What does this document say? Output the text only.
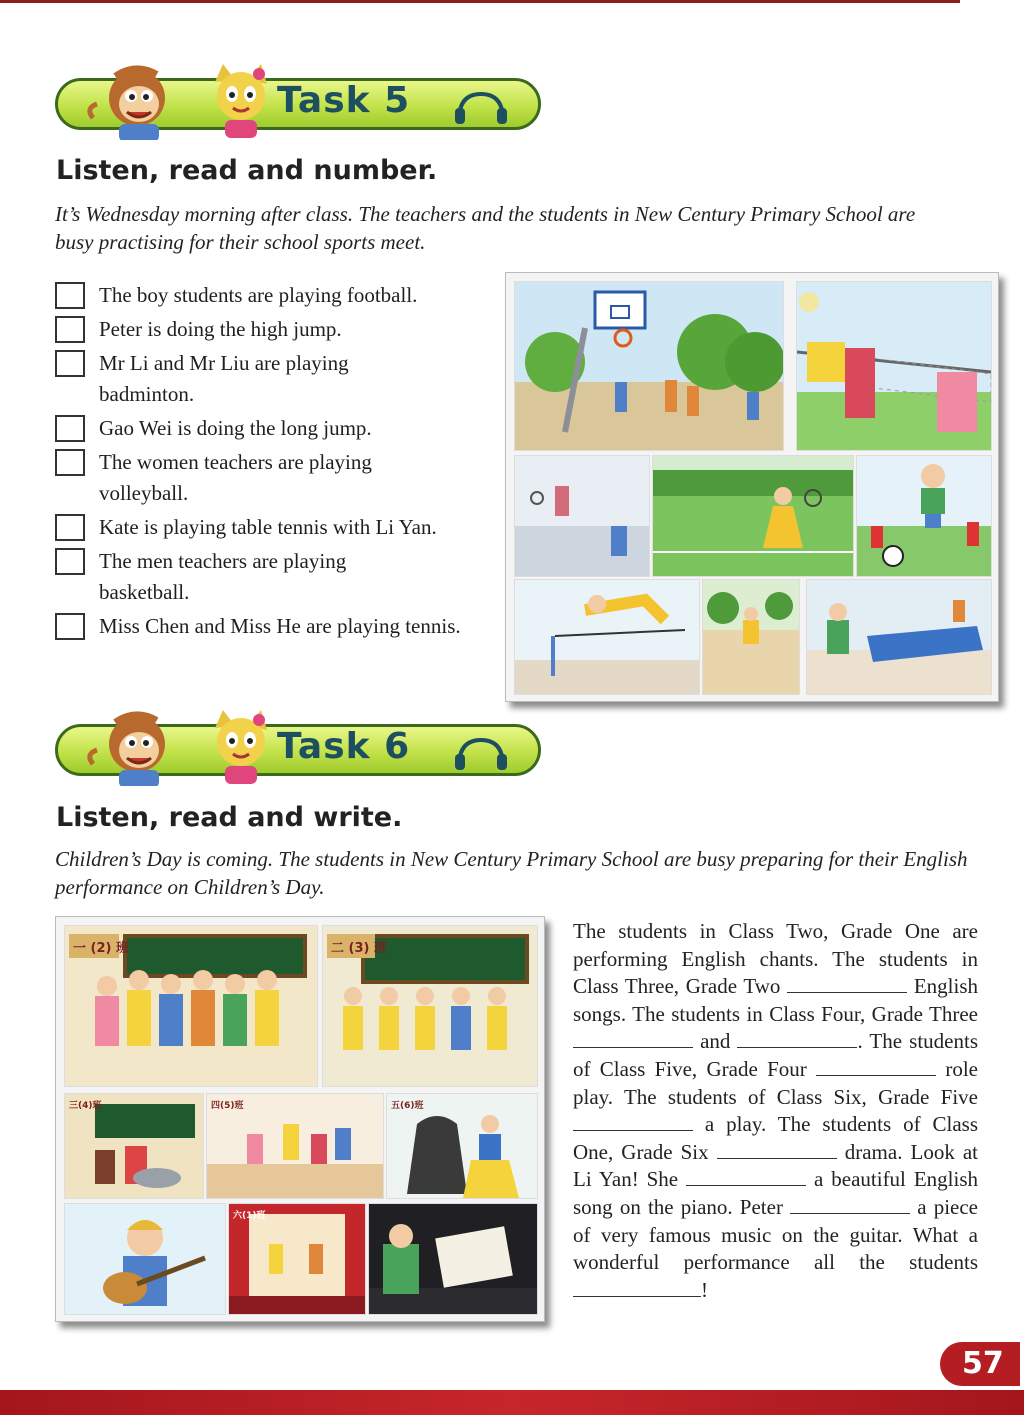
Task 5
Listen, read and number.
It’s Wednesday morning after class. The teachers and the students in New Century Primary School are busy practising for their school sports meet.
The boy students are playing football.
Peter is doing the high jump.
Mr Li and Mr Liu are playing badminton.
Gao Wei is doing the long jump.
The women teachers are playing volleyball.
Kate is playing table tennis with Li Yan.
The men teachers are playing basketball.
Miss Chen and Miss He are playing tennis.
Task 6
Listen, read and write.
Children’s Day is coming. The students in New Century Primary School are busy preparing for their English performance on Children’s Day.
一 (2) 班	二 (3) 班
三(4)班	四(5)班	五(6)班
六(1)班
The students in Class Two, Grade One are performing English chants. The students in Class Three, Grade Two	English songs. The students in Class Four, Grade Three  and	. The students of Class Five, Grade Four	role play. The students of Class Six, Grade Five  a play. The students of Class One, Grade Six	drama. Look at Li Yan! She	a beautiful English song on the piano. Peter	a piece of very famous music on the guitar. What a wonderful performance all the students !
57
